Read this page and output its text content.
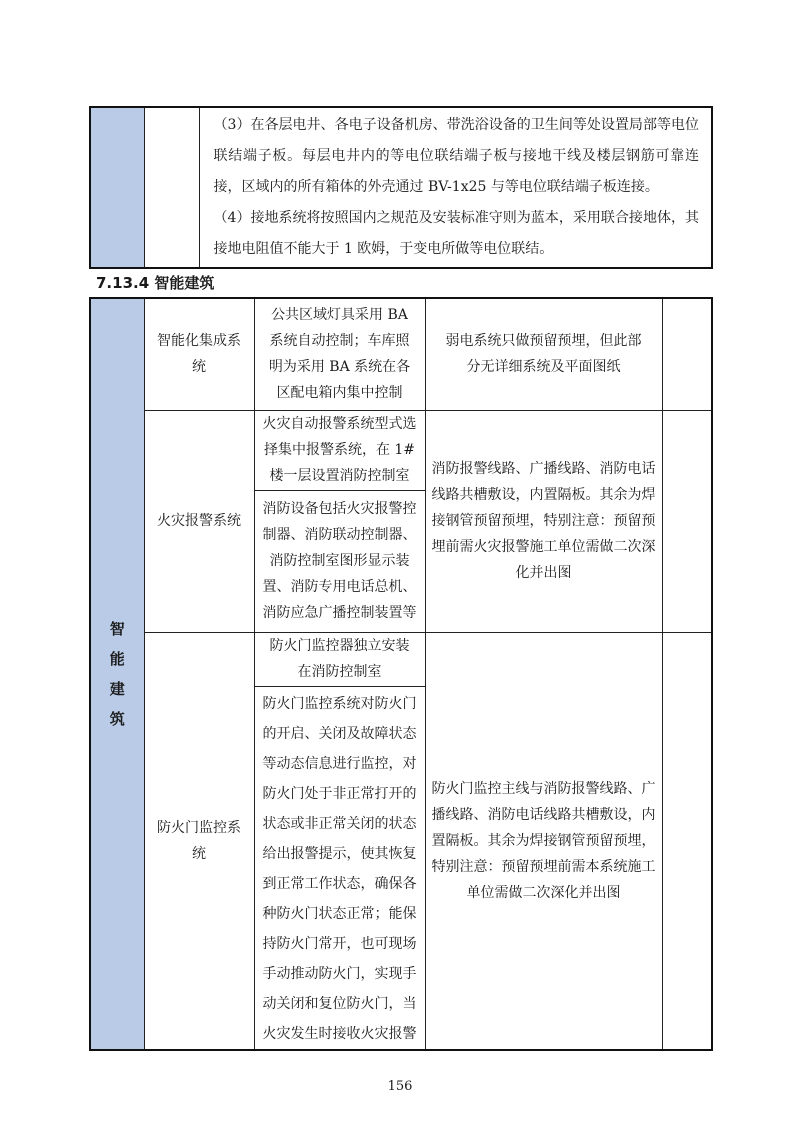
（3）在各层电井、各电子设备机房、带洗浴设备的卫生间等处设置局部等电位联结端子板。每层电井内的等电位联结端子板与接地干线及楼层钢筋可靠连接，区域内的所有箱体的外壳通过 BV-1x25 与等电位联结端子板连接。
（4）接地系统将按照国内之规范及安装标准守则为蓝本，采用联合接地体，其接地电阻值不能大于 1 欧姆，于变电所做等电位联结。
7.13.4 智能建筑
智
能
建
筑	智能化集成系统	公共区域灯具采用 BA 系统自动控制；车库照明为采用 BA 系统在各区配电箱内集中控制	弱电系统只做预留预埋，但此部分无详细系统及平面图纸	

	火灾报警系统	火灾自动报警系统型式选择集中报警系统，在 1#楼一层设置消防控制室	消防报警线路、广播线路、消防电话线路共槽敷设，内置隔板。其余为焊接钢管预留预埋，特别注意：预留预埋前需火灾报警施工单位需做二次深化并出图	

		消防设备包括火灾报警控制器、消防联动控制器、消防控制室图形显示装置、消防专用电话总机、消防应急广播控制装置等		

	防火门监控系统	防火门监控器独立安装在消防控制室	防火门监控主线与消防报警线路、广播线路、消防电话线路共槽敷设，内置隔板。其余为焊接钢管预留预埋，特别注意：预留预埋前需本系统施工单位需做二次深化并出图	

		防火门监控系统对防火门的开启、关闭及故障状态等动态信息进行监控，对防火门处于非正常打开的状态或非正常关闭的状态给出报警提示，使其恢复到正常工作状态，确保各种防火门状态正常；能保持防火门常开，也可现场手动推动防火门，实现手动关闭和复位防火门，当火灾发生时接收火灾报警		
156
